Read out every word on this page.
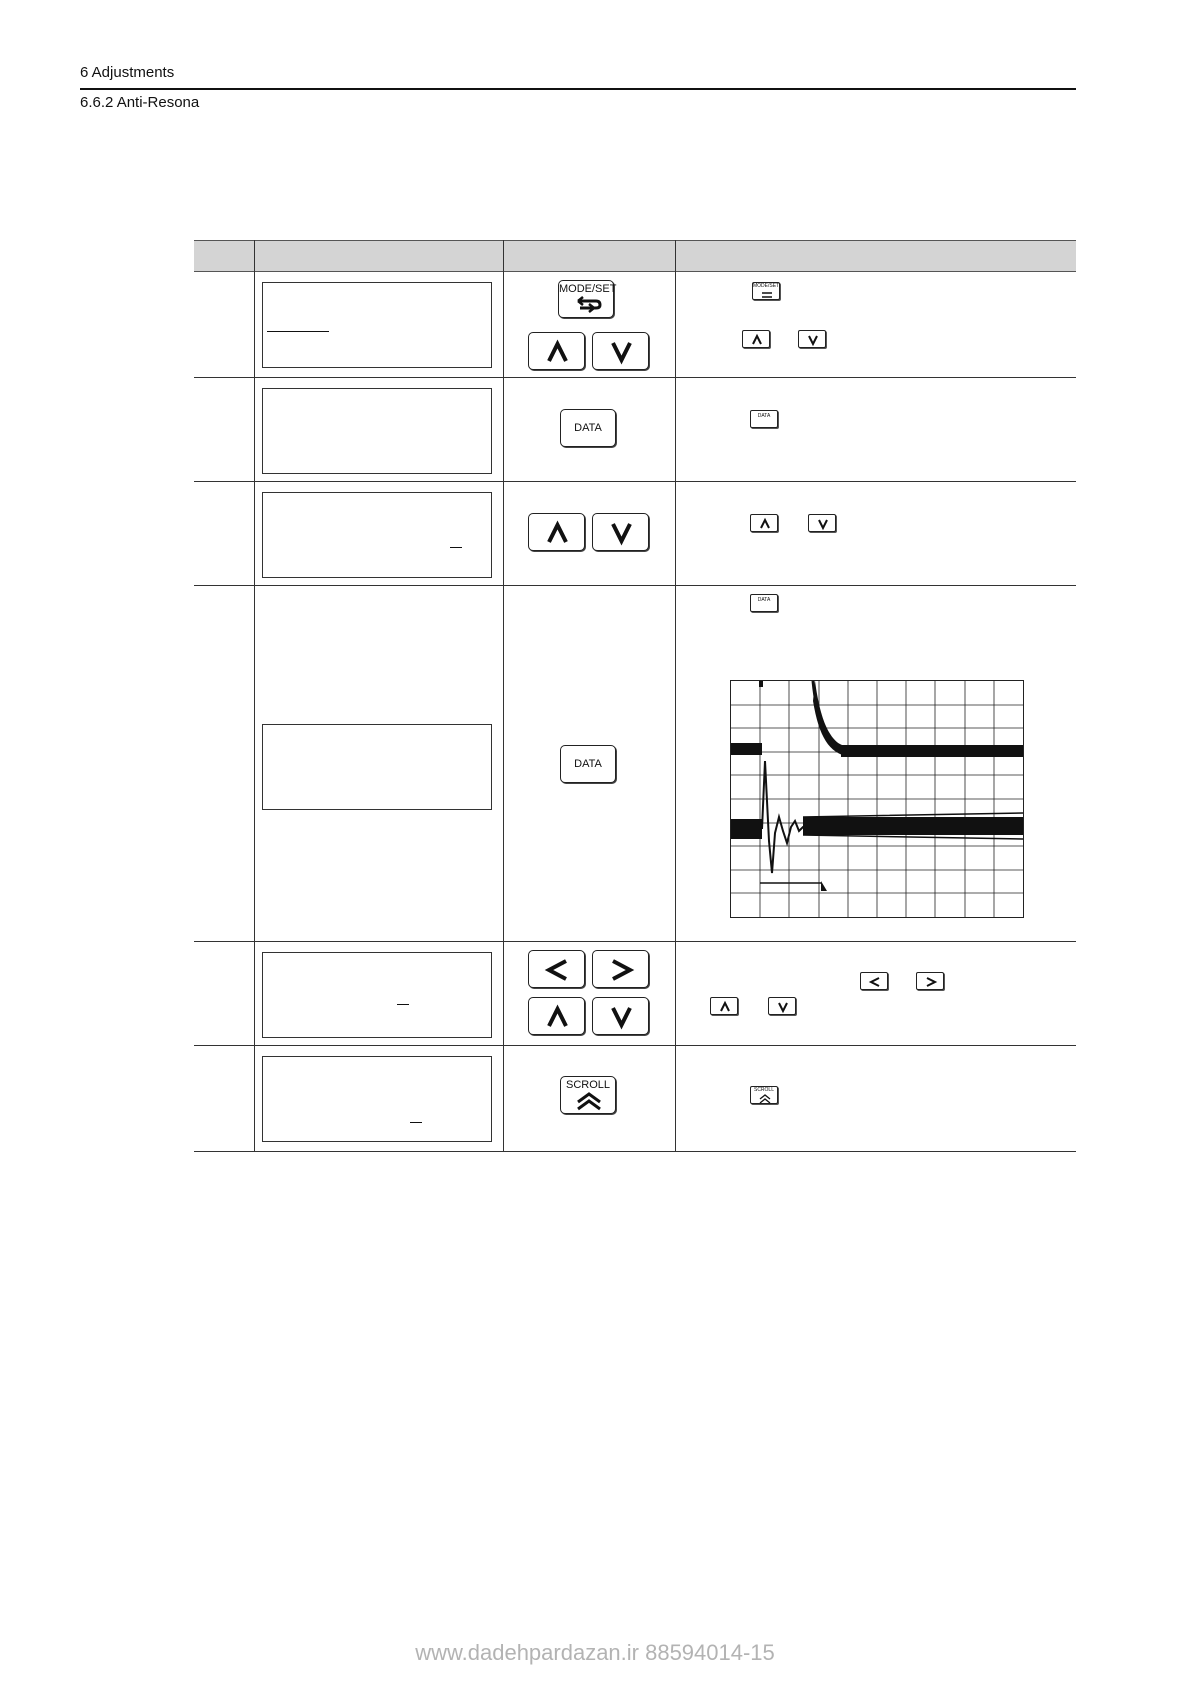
6 Adjustments
6.6.2 Anti-Resona
MODE/SET	MODE/SET
DATA
DATA
DATA
DATA
SCROLL	SCROLL
www.dadehpardazan.ir 88594014-15
